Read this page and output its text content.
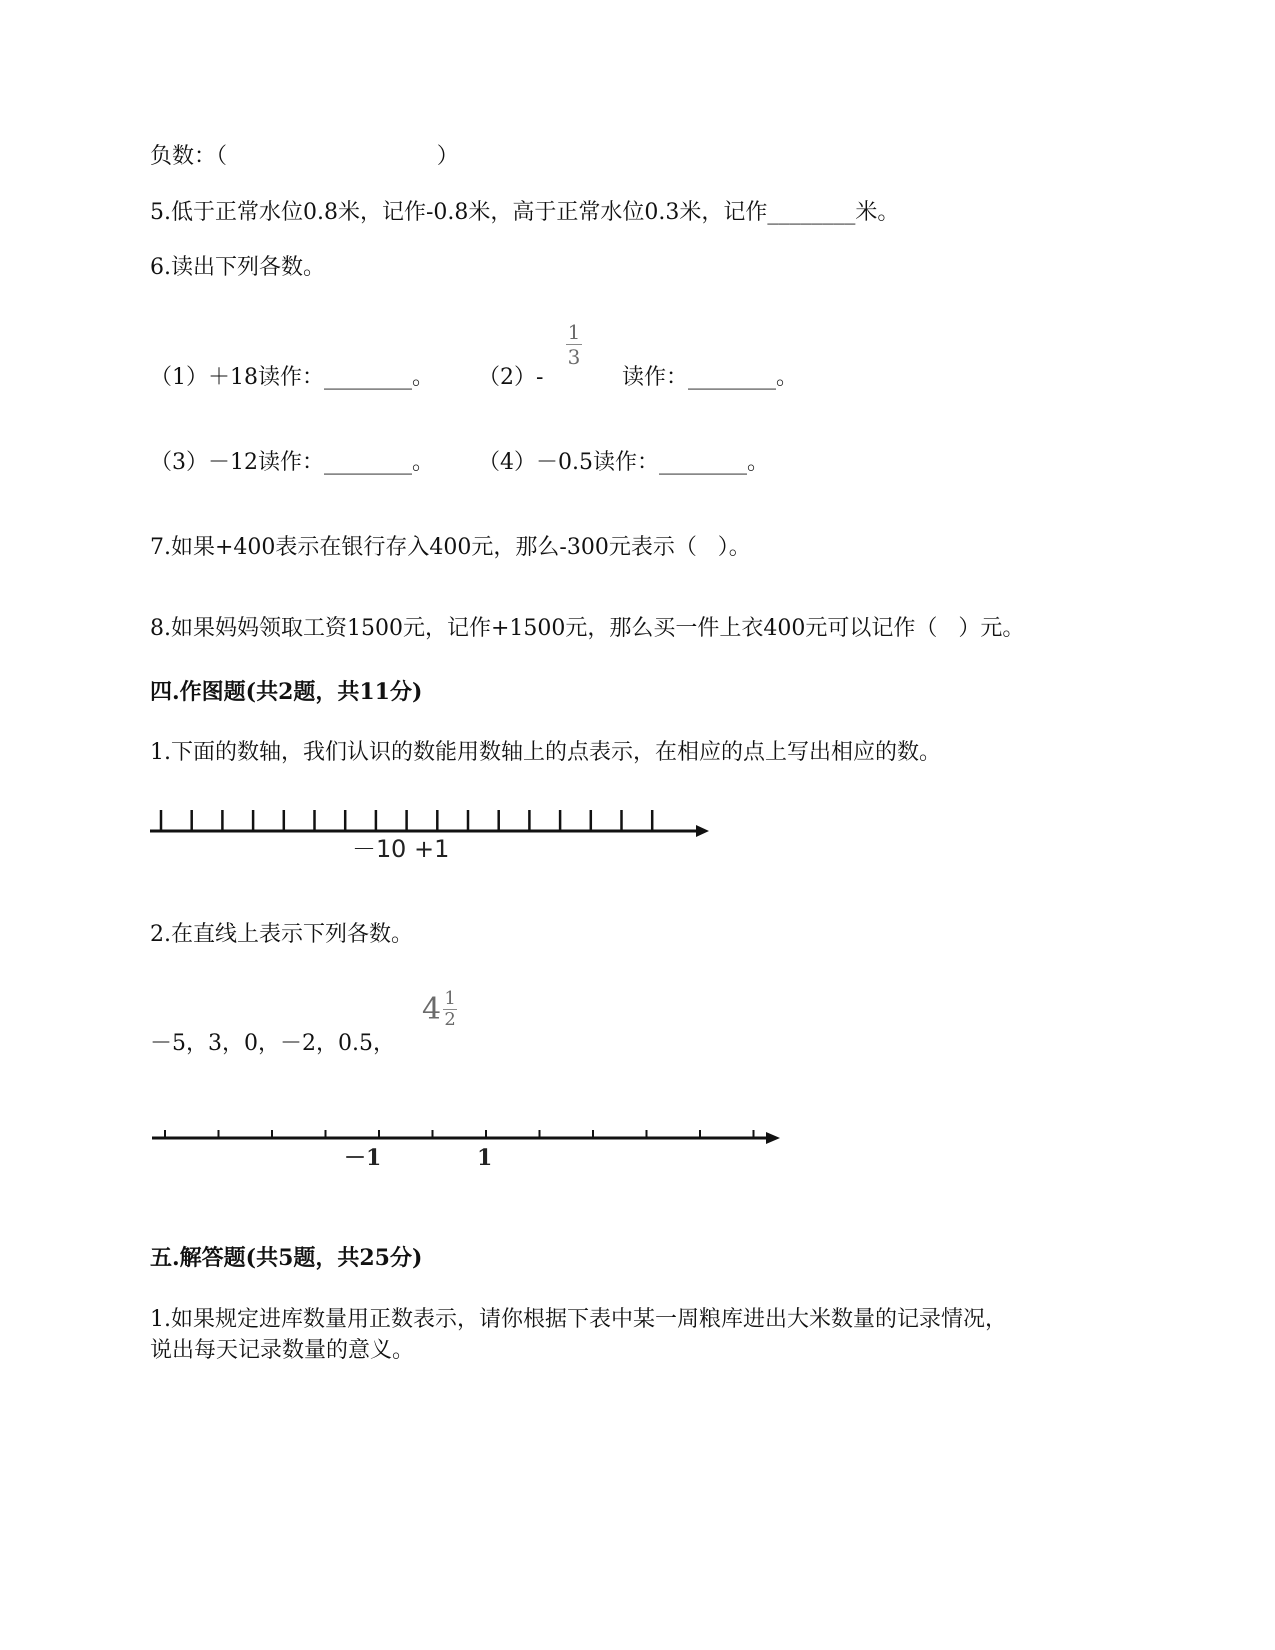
负数：（                              ）
5.低于正常水位0.8米，记作-0.8米，高于正常水位0.3米，记作________米。
6.读出下列各数。
（1）＋18读作：________。 （2）-
1
3
读作：________。
（3）－12读作：________。 （4）－0.5读作：________。
7.如果+400表示在银行存入400元，那么-300元表示（   ）。
8.如果妈妈领取工资1500元，记作+1500元，那么买一件上衣400元可以记作（   ）元。
四.作图题(共2题，共11分)
1.下面的数轴，我们认识的数能用数轴上的点表示，在相应的点上写出相应的数。
－1 0 +1
2.在直线上表示下列各数。
－5，3，0，－2，0.5，
4 1
2
－1	1
五.解答题(共5题，共25分)
1.如果规定进库数量用正数表示，请你根据下表中某一周粮库进出大米数量的记录情况，
说出每天记录数量的意义。
